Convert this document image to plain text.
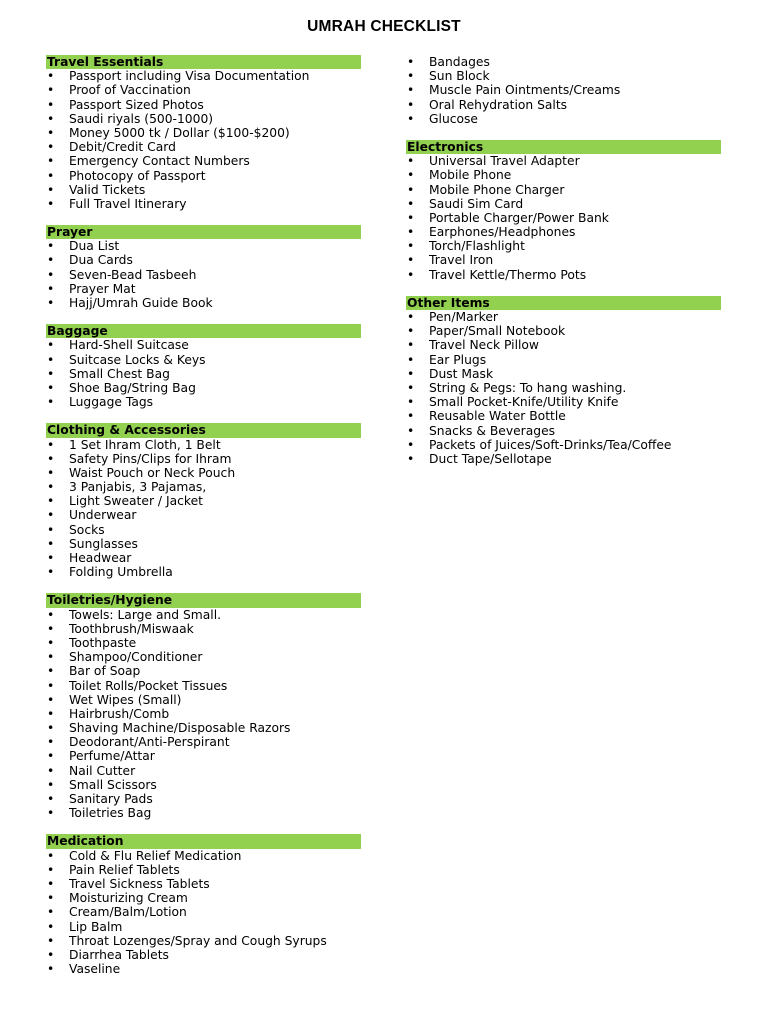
UMRAH CHECKLIST
Travel Essentials
• Passport including Visa Documentation
• Proof of Vaccination
• Passport Sized Photos
• Saudi riyals (500-1000)
• Money 5000 tk / Dollar ($100-$200)
• Debit/Credit Card
• Emergency Contact Numbers
• Photocopy of Passport
• Valid Tickets
• Full Travel Itinerary
Prayer
• Dua List
• Dua Cards
• Seven-Bead Tasbeeh
• Prayer Mat
• Hajj/Umrah Guide Book
Baggage
• Hard-Shell Suitcase
• Suitcase Locks & Keys
• Small Chest Bag
• Shoe Bag/String Bag
• Luggage Tags
Clothing & Accessories
• 1 Set Ihram Cloth, 1 Belt
• Safety Pins/Clips for Ihram
• Waist Pouch or Neck Pouch
• 3 Panjabis, 3 Pajamas,
• Light Sweater / Jacket
• Underwear
• Socks
• Sunglasses
• Headwear
• Folding Umbrella
Toiletries/Hygiene
• Towels: Large and Small.
• Toothbrush/Miswaak
• Toothpaste
• Shampoo/Conditioner
• Bar of Soap
• Toilet Rolls/Pocket Tissues
• Wet Wipes (Small)
• Hairbrush/Comb
• Shaving Machine/Disposable Razors
• Deodorant/Anti-Perspirant
• Perfume/Attar
• Nail Cutter
• Small Scissors
• Sanitary Pads
• Toiletries Bag
Medication
• Cold & Flu Relief Medication
• Pain Relief Tablets
• Travel Sickness Tablets
• Moisturizing Cream
• Cream/Balm/Lotion
• Lip Balm
• Throat Lozenges/Spray and Cough Syrups
• Diarrhea Tablets
• Vaseline
• Bandages
• Sun Block
• Muscle Pain Ointments/Creams
• Oral Rehydration Salts
• Glucose
Electronics
• Universal Travel Adapter
• Mobile Phone
• Mobile Phone Charger
• Saudi Sim Card
• Portable Charger/Power Bank
• Earphones/Headphones
• Torch/Flashlight
• Travel Iron
• Travel Kettle/Thermo Pots
Other Items
• Pen/Marker
• Paper/Small Notebook
• Travel Neck Pillow
• Ear Plugs
• Dust Mask
• String & Pegs: To hang washing.
• Small Pocket-Knife/Utility Knife
• Reusable Water Bottle
• Snacks & Beverages
• Packets of Juices/Soft-Drinks/Tea/Coffee
• Duct Tape/Sellotape
